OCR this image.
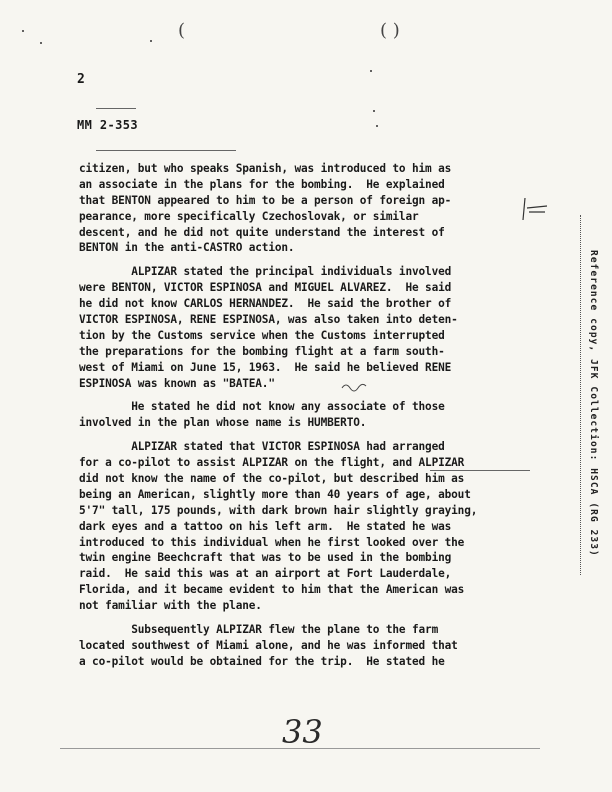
(	( )
2
MM 2-353
citizen, but who speaks Spanish, was introduced to him as
an associate in the plans for the bombing.  He explained
that BENTON appeared to him to be a person of foreign ap-
pearance, more specifically Czechoslovak, or similar
descent, and he did not quite understand the interest of
BENTON in the anti-CASTRO action.
ALPIZAR stated the principal individuals involved
were BENTON, VICTOR ESPINOSA and MIGUEL ALVAREZ.  He said
he did not know CARLOS HERNANDEZ.  He said the brother of
VICTOR ESPINOSA, RENE ESPINOSA, was also taken into deten-
tion by the Customs service when the Customs interrupted
the preparations for the bombing flight at a farm south-
west of Miami on June 15, 1963.  He said he believed RENE
ESPINOSA was known as "BATEA."
He stated he did not know any associate of those
involved in the plan whose name is HUMBERTO.
ALPIZAR stated that VICTOR ESPINOSA had arranged
for a co-pilot to assist ALPIZAR on the flight, and ALPIZAR
did not know the name of the co-pilot, but described him as
being an American, slightly more than 40 years of age, about
5'7" tall, 175 pounds, with dark brown hair slightly graying,
dark eyes and a tattoo on his left arm.  He stated he was
introduced to this individual when he first looked over the
twin engine Beechcraft that was to be used in the bombing
raid.  He said this was at an airport at Fort Lauderdale,
Florida, and it became evident to him that the American was
not familiar with the plane.
Subsequently ALPIZAR flew the plane to the farm
located southwest of Miami alone, and he was informed that
a co-pilot would be obtained for the trip.  He stated he
Reference copy, JFK Collection: HSCA (RG 233)
33
